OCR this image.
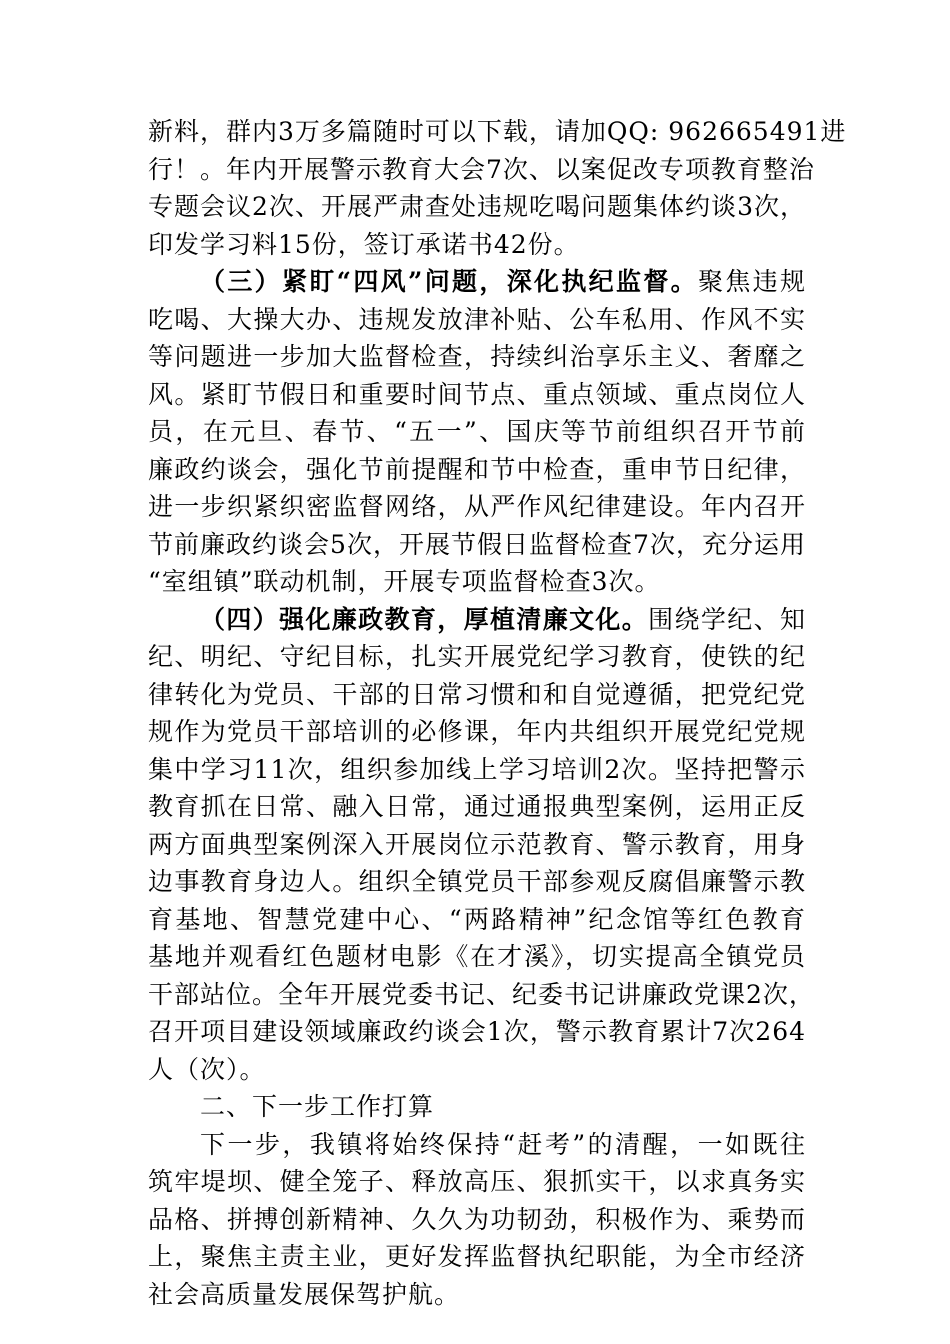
新料，群内3万多篇随时可以下载，请加QQ: 962665491进
行！。年内开展警示教育大会7次、以案促改专项教育整治
专题会议2次、开展严肃查处违规吃喝问题集体约谈3次，
印发学习料15份，签订承诺书42份。
（三）紧盯“四风”问题，深化执纪监督。聚焦违规
吃喝、大操大办、违规发放津补贴、公车私用、作风不实
等问题进一步加大监督检查，持续纠治享乐主义、奢靡之
风。紧盯节假日和重要时间节点、重点领域、重点岗位人
员，在元旦、春节、“五一”、国庆等节前组织召开节前
廉政约谈会，强化节前提醒和节中检查，重申节日纪律，
进一步织紧织密监督网络，从严作风纪律建设。年内召开
节前廉政约谈会5次，开展节假日监督检查7次，充分运用
“室组镇”联动机制，开展专项监督检查3次。
（四）强化廉政教育，厚植清廉文化。围绕学纪、知
纪、明纪、守纪目标，扎实开展党纪学习教育，使铁的纪
律转化为党员、干部的日常习惯和和自觉遵循，把党纪党
规作为党员干部培训的必修课，年内共组织开展党纪党规
集中学习11次，组织参加线上学习培训2次。坚持把警示
教育抓在日常、融入日常，通过通报典型案例，运用正反
两方面典型案例深入开展岗位示范教育、警示教育，用身
边事教育身边人。组织全镇党员干部参观反腐倡廉警示教
育基地、智慧党建中心、“两路精神”纪念馆等红色教育
基地并观看红色题材电影《在才溪》，切实提高全镇党员
干部站位。全年开展党委书记、纪委书记讲廉政党课2次，
召开项目建设领域廉政约谈会1次，警示教育累计7次264
人（次）。
二、下一步工作打算
下一步，我镇将始终保持“赶考”的清醒，一如既往
筑牢堤坝、健全笼子、释放高压、狠抓实干，以求真务实
品格、拼搏创新精神、久久为功韧劲，积极作为、乘势而
上，聚焦主责主业，更好发挥监督执纪职能，为全市经济
社会高质量发展保驾护航。
